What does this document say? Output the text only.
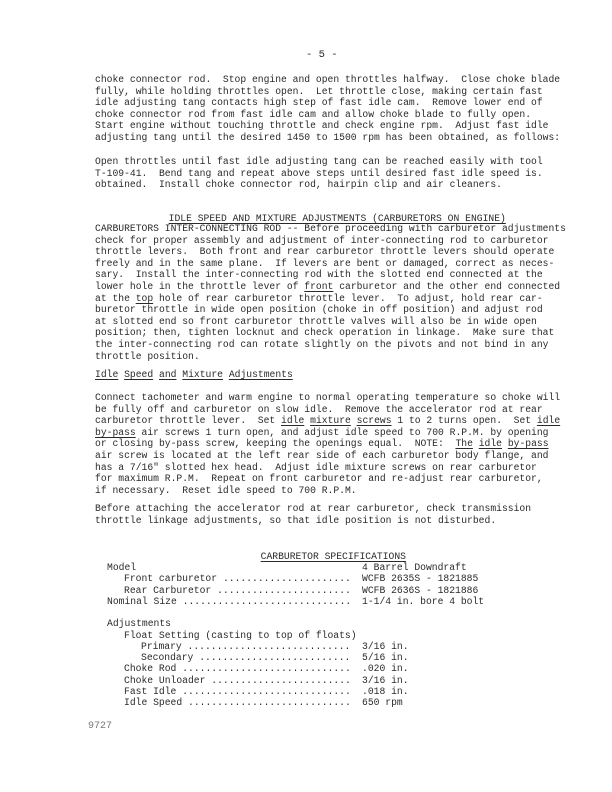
- 5 -
choke connector rod.  Stop engine and open throttles halfway.  Close choke blade
fully, while holding throttles open.  Let throttle close, making certain fast
idle adjusting tang contacts high step of fast idle cam.  Remove lower end of
choke connector rod from fast idle cam and allow choke blade to fully open.
Start engine without touching throttle and check engine rpm.  Adjust fast idle
adjusting tang until the desired 1450 to 1500 rpm has been obtained, as follows:
Open throttles until fast idle adjusting tang can be reached easily with tool
T-109-41.  Bend tang and repeat above steps until desired fast idle speed is.
obtained.  Install choke connector rod, hairpin clip and air cleaners.

IDLE SPEED AND MIXTURE ADJUSTMENTS (CARBURETORS ON ENGINE)

CARBURETORS INTER-CONNECTING ROD -- Before proceeding with carburetor adjustments
check for proper assembly and adjustment of inter-connecting rod to carburetor
throttle levers.  Both front and rear carburetor throttle levers should operate
freely and in the same plane.  If levers are bent or damaged, correct as neces-
sary.  Install the inter-connecting rod with the slotted end connected at the
lower hole in the throttle lever of front carburetor and the other end connected
at the top hole of rear carburetor throttle lever.  To adjust, hold rear car-
buretor throttle in wide open position (choke in off position) and adjust rod
at slotted end so front carburetor throttle valves will also be in wide open
position; then, tighten locknut and check operation in linkage.  Make sure that
the inter-connecting rod can rotate slightly on the pivots and not bind in any
throttle position.
Idle Speed and Mixture Adjustments
Connect tachometer and warm engine to normal operating temperature so choke will
be fully off and carburetor on slow idle.  Remove the accelerator rod at rear
carburetor throttle lever.  Set idle mixture screws 1 to 2 turns open.  Set idle
by-pass air screws 1 turn open, and adjust idle speed to 700 R.P.M. by opening
or closing by-pass screw, keeping the openings equal.  NOTE:  The idle by-pass
air screw is located at the left rear side of each carburetor body flange, and
has a 7/16" slotted hex head.  Adjust idle mixture screws on rear carburetor
for maximum R.P.M.  Repeat on front carburetor and re-adjust rear carburetor,
if necessary.  Reset idle speed to 700 R.P.M.
Before attaching the accelerator rod at rear carburetor, check transmission
throttle linkage adjustments, so that idle position is not disturbed.

CARBURETOR SPECIFICATIONS

Model	4 Barrel Downdraft
Front carburetor ...................... WCFB 2635S - 1821885
Rear Carburetor ....................... WCFB 2636S - 1821886
Nominal Size ............................. 1-1/4 in. bore 4 bolt
Adjustments
Float Setting (casting to top of floats)
Primary ............................ 3/16 in.
Secondary .......................... 5/16 in.
Choke Rod ............................. .020 in.
Choke Unloader ........................ 3/16 in.
Fast Idle ............................. .018 in.
Idle Speed ............................ 650 rpm
9727
